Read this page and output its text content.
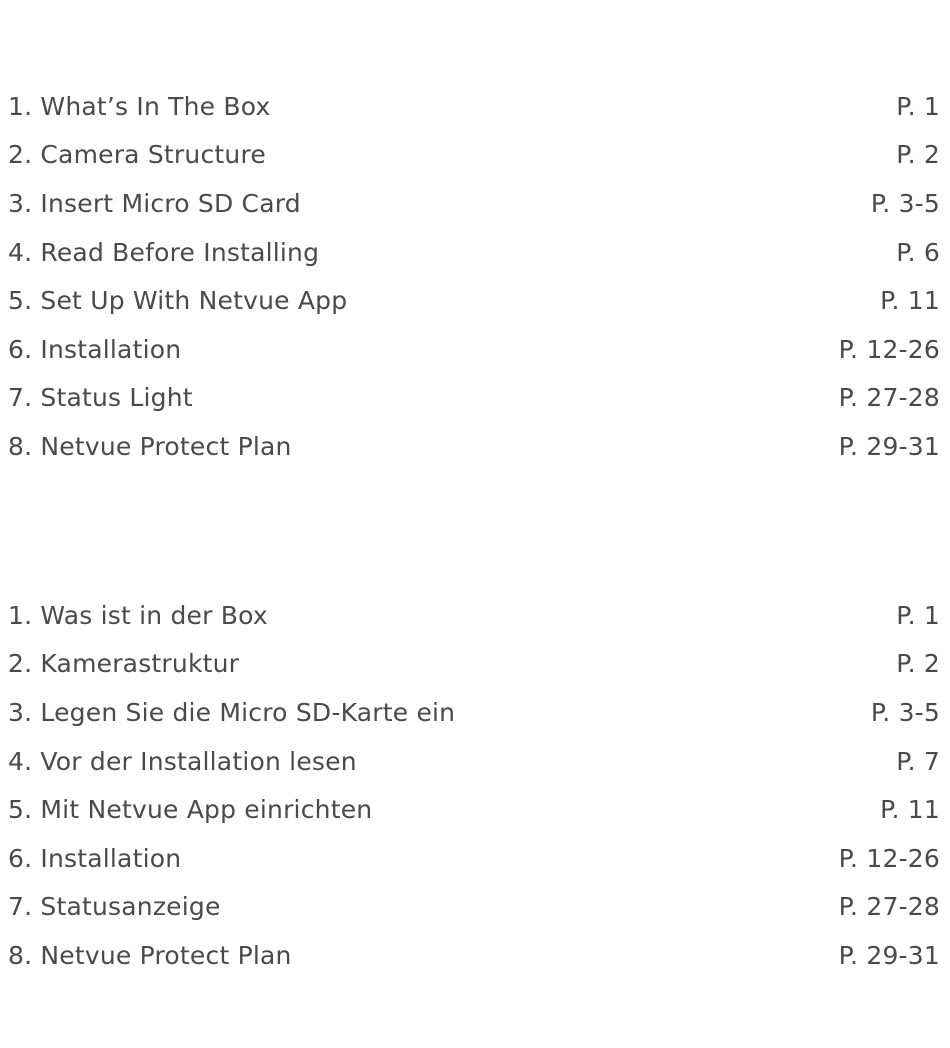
1. What’s In The Box	P. 1
2. Camera Structure	P. 2
3. Insert Micro SD Card	P. 3-5
4. Read Before Installing	P. 6
5. Set Up With Netvue App	P. 11
6. Installation	P. 12-26
7. Status Light	P. 27-28
8. Netvue Protect Plan	P. 29-31
1. Was ist in der Box	P. 1
2. Kamerastruktur	P. 2
3. Legen Sie die Micro SD-Karte ein	P. 3-5
4. Vor der Installation lesen	P. 7
5. Mit Netvue App einrichten	P. 11
6. Installation	P. 12-26
7. Statusanzeige	P. 27-28
8. Netvue Protect Plan	P. 29-31
